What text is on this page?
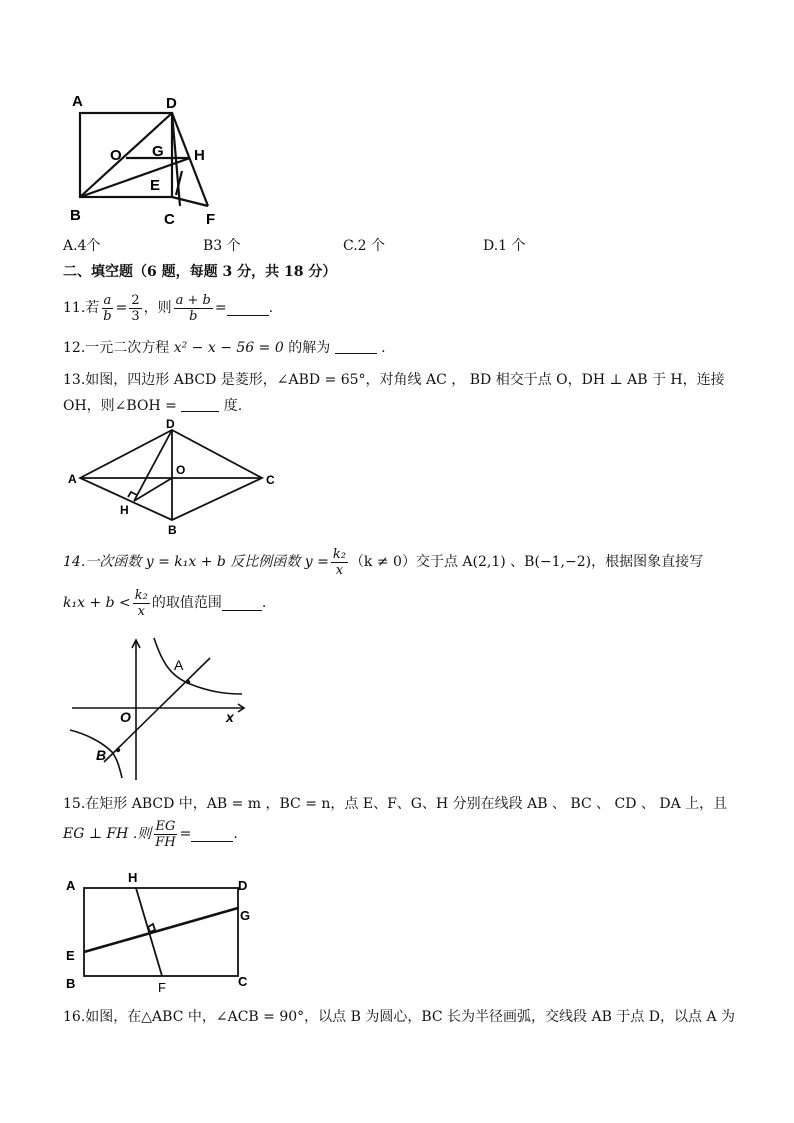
A	D
O G H
E
B	C F
A.4个	B3 个	C.2 个	D.1 个
二、填空题（6 题，每题 3 分，共 18 分）
11.若 $\frac{a}{b} = \frac{2}{3}$ ，则 $\frac{a + b}{b}$ =	.
12.一元二次方程 x² − x − 56 = 0 的解为	.
13.如图，四边形 ABCD 是菱形，∠ABD = 65°，对角线 AC ， BD 相交于点 O，DH ⊥ AB 于 H，连接
OH，则∠BOH =	度.
D
A
O
C
H
B
14.一次函数 y = k₁x + b 反比例函数 $y = \frac{\text{k₂}}{x} (k \ne 0)$交于点 A(2,1) 、B(−1,−2)，根据图象直接写
$k_1x + b < \frac{\text{k₂}}{x}$ 的取值范围	.
A
B
O	x
15.在矩形 ABCD 中，AB = m ，BC = n，点 E、F、G、H 分别在线段 AB 、 BC 、 CD 、 DA 上，且
EG ⊥ FH .则 $\frac{EG}{FH}$ =	.
A
H
D
G
E
B	F	C
16.如图，在△ABC 中，∠ACB = 90°，以点 B 为圆心，BC 长为半径画弧，交线段 AB 于点 D，以点 A 为
